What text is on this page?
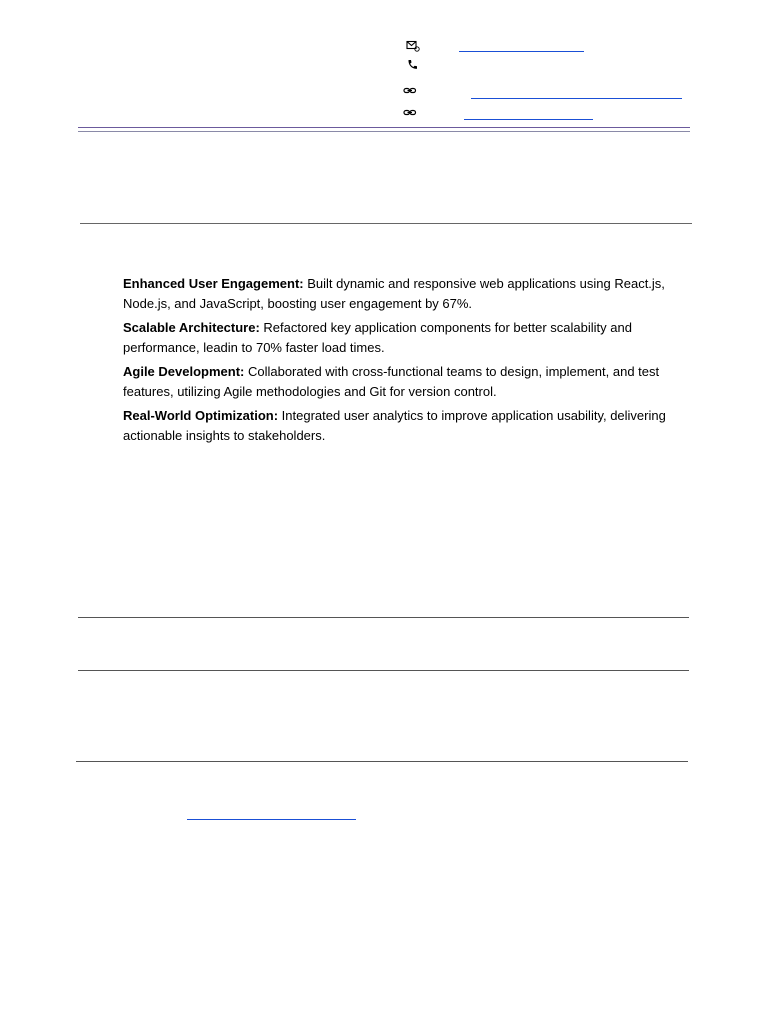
Enhanced User Engagement: Built dynamic and responsive web applications using React.js, Node.js, and JavaScript, boosting user engagement by 67%.

Scalable Architecture: Refactored key application components for better scalability and performance, leadin to 70% faster load times.

Agile Development: Collaborated with cross-functional teams to design, implement, and test features, utilizing Agile methodologies and Git for version control.

Real-World Optimization: Integrated user analytics to improve application usability, delivering actionable insights to stakeholders.
